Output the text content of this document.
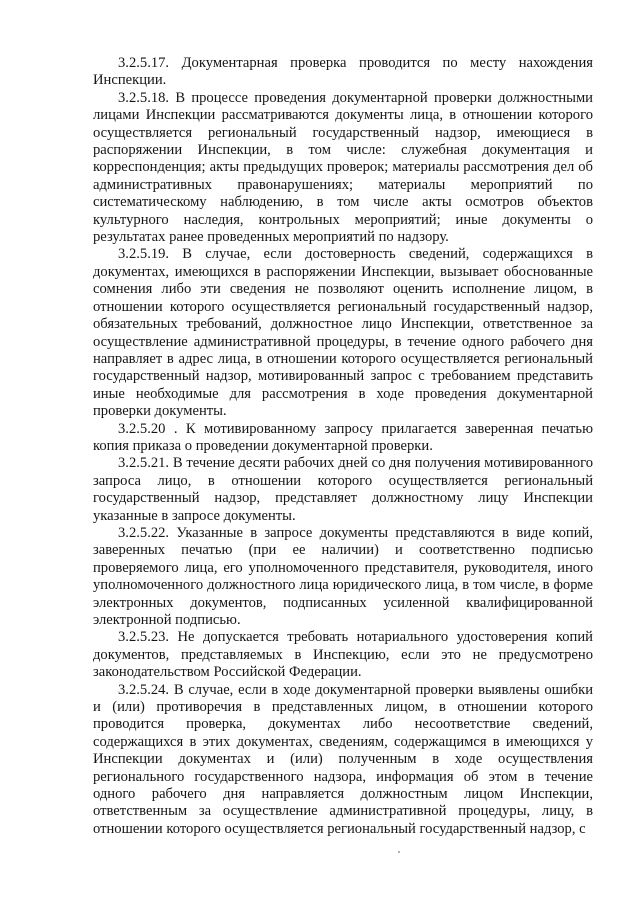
3.2.5.17. Документарная проверка проводится по месту нахождения Инспекции.

3.2.5.18. В процессе проведения документарной проверки должностными лицами Инспекции рассматриваются документы лица, в отношении которого осуществляется региональный государственный надзор, имеющиеся в распоряжении Инспекции, в том числе: служебная документация и корреспонденция; акты предыдущих проверок; материалы рассмотрения дел об административных правонарушениях; материалы мероприятий по систематическому наблюдению, в том числе акты осмотров объектов культурного наследия, контрольных мероприятий; иные документы о результатах ранее проведенных мероприятий по надзору.

3.2.5.19. В случае, если достоверность сведений, содержащихся в документах, имеющихся в распоряжении Инспекции, вызывает обоснованные сомнения либо эти сведения не позволяют оценить исполнение лицом, в отношении которого осуществляется региональный государственный надзор, обязательных требований, должностное лицо Инспекции, ответственное за осуществление административной процедуры, в течение одного рабочего дня направляет в адрес лица, в отношении которого осуществляется региональный государственный надзор, мотивированный запрос с требованием представить иные необходимые для рассмотрения в ходе проведения документарной проверки документы.

3.2.5.20 . К мотивированному запросу прилагается заверенная печатью копия приказа о проведении документарной проверки.

3.2.5.21. В течение десяти рабочих дней со дня получения мотивированного запроса лицо, в отношении которого осуществляется региональный государственный надзор, представляет должностному лицу Инспекции указанные в запросе документы.

3.2.5.22. Указанные в запросе документы представляются в виде копий, заверенных печатью (при ее наличии) и соответственно подписью проверяемого лица, его уполномоченного представителя, руководителя, иного уполномоченного должностного лица юридического лица, в том числе, в форме электронных документов, подписанных усиленной квалифицированной электронной подписью.

3.2.5.23. Не допускается требовать нотариального удостоверения копий документов, представляемых в Инспекцию, если это не предусмотрено законодательством Российской Федерации.

3.2.5.24. В случае, если в ходе документарной проверки выявлены ошибки и (или) противоречия в представленных лицом, в отношении которого проводится проверка, документах либо несоответствие сведений, содержащихся в этих документах, сведениям, содержащимся в имеющихся у Инспекции документах и (или) полученным в ходе осуществления регионального государственного надзора, информация об этом в течение одного рабочего дня направляется должностным лицом Инспекции, ответственным за осуществление административной процедуры, лицу, в отношении которого осуществляется региональный государственный надзор, с
